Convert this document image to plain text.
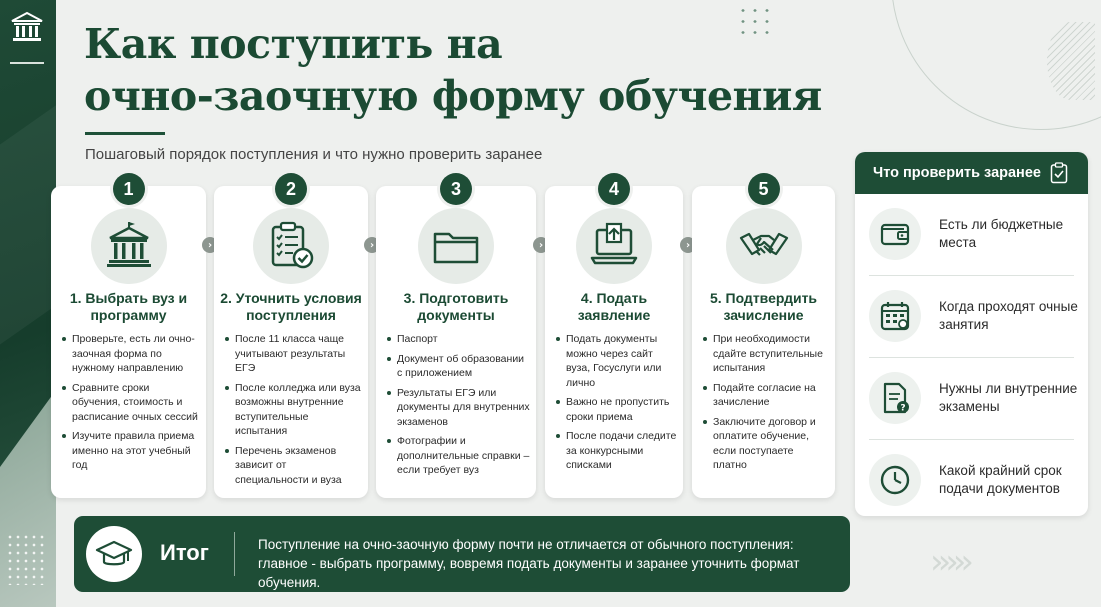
›››››
Как поступить на
очно-заочную форму обучения
Пошаговый порядок поступления и что нужно проверить заранее
1
1. Выбрать вуз и программу
Проверьте, есть ли очно-заочная форма по нужному направлению
Сравните сроки обучения, стоимость и расписание очных сессий
Изучите правила приема именно на этот учебный год
›
2
2. Уточнить условия поступления
После 11 класса чаще учитывают результаты ЕГЭ
После колледжа или вуза возможны внутренние вступительные испытания
Перечень экзаменов зависит от специальности и вуза
›
3
3. Подготовить документы
Паспорт
Документ об образовании с приложением
Результаты ЕГЭ или документы для внутренних экзаменов
Фотографии и дополнительные справки – если требует вуз
›
4
4. Подать заявление
Подать документы можно через сайт вуза, Госуслуги или лично
Важно не пропустить сроки приема
После подачи следите за конкурсными списками
›
5
5. Подтвердить зачисление
При необходимости сдайте вступительные испытания
Подайте согласие на зачисление
Заключите договор и оплатите обучение, если поступаете платно
Что проверить заранее
Есть ли бюджетные места
Когда проходят очные занятия
?
Нужны ли внутренние экзамены
Какой крайний срок подачи документов
Итог	Поступление на очно-заочную форму почти не отличается от обычного поступления: главное - выбрать программу, вовремя подать документы и заранее уточнить формат обучения.
